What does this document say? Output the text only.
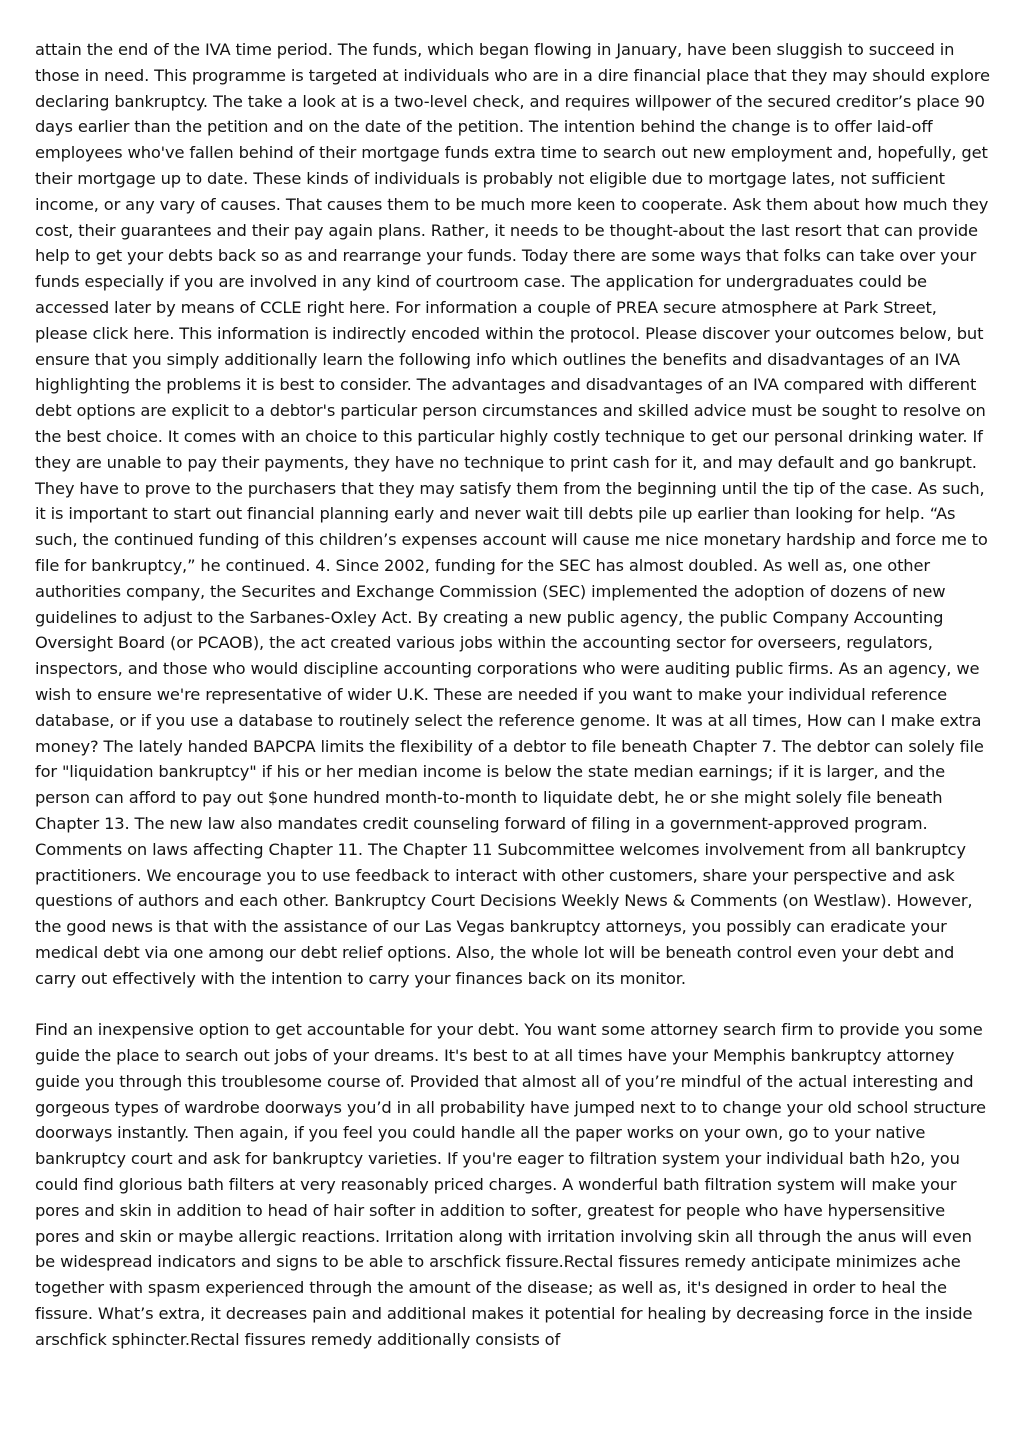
attain the end of the IVA time period. The funds, which began flowing in January, have been sluggish to succeed in those in need. This programme is targeted at individuals who are in a dire financial place that they may should explore declaring bankruptcy. The take a look at is a two-level check, and requires willpower of the secured creditor’s place 90 days earlier than the petition and on the date of the petition. The intention behind the change is to offer laid-off employees who've fallen behind of their mortgage funds extra time to search out new employment and, hopefully, get their mortgage up to date. These kinds of individuals is probably not eligible due to mortgage lates, not sufficient income, or any vary of causes. That causes them to be much more keen to cooperate. Ask them about how much they cost, their guarantees and their pay again plans. Rather, it needs to be thought-about the last resort that can provide help to get your debts back so as and rearrange your funds. Today there are some ways that folks can take over your funds especially if you are involved in any kind of courtroom case. The application for undergraduates could be accessed later by means of CCLE right here. For information a couple of PREA secure atmosphere at Park Street, please click here. This information is indirectly encoded within the protocol. Please discover your outcomes below, but ensure that you simply additionally learn the following info which outlines the benefits and disadvantages of an IVA highlighting the problems it is best to consider. The advantages and disadvantages of an IVA compared with different debt options are explicit to a debtor's particular person circumstances and skilled advice must be sought to resolve on the best choice. It comes with an choice to this particular highly costly technique to get our personal drinking water. If they are unable to pay their payments, they have no technique to print cash for it, and may default and go bankrupt. They have to prove to the purchasers that they may satisfy them from the beginning until the tip of the case. As such, it is important to start out financial planning early and never wait till debts pile up earlier than looking for help. “As such, the continued funding of this children’s expenses account will cause me nice monetary hardship and force me to file for bankruptcy,” he continued. 4. Since 2002, funding for the SEC has almost doubled. As well as, one other authorities company, the Securites and Exchange Commission (SEC) implemented the adoption of dozens of new guidelines to adjust to the Sarbanes-Oxley Act. By creating a new public agency, the public Company Accounting Oversight Board (or PCAOB), the act created various jobs within the accounting sector for overseers, regulators, inspectors, and those who would discipline accounting corporations who were auditing public firms. As an agency, we wish to ensure we're representative of wider U.K. These are needed if you want to make your individual reference database, or if you use a database to routinely select the reference genome. It was at all times, How can I make extra money? The lately handed BAPCPA limits the flexibility of a debtor to file beneath Chapter 7. The debtor can solely file for "liquidation bankruptcy" if his or her median income is below the state median earnings; if it is larger, and the person can afford to pay out $one hundred month-to-month to liquidate debt, he or she might solely file beneath Chapter 13. The new law also mandates credit counseling forward of filing in a government-approved program. Comments on laws affecting Chapter 11. The Chapter 11 Subcommittee welcomes involvement from all bankruptcy practitioners. We encourage you to use feedback to interact with other customers, share your perspective and ask questions of authors and each other. Bankruptcy Court Decisions Weekly News & Comments (on Westlaw). However, the good news is that with the assistance of our Las Vegas bankruptcy attorneys, you possibly can eradicate your medical debt via one among our debt relief options. Also, the whole lot will be beneath control even your debt and carry out effectively with the intention to carry your finances back on its monitor.

Find an inexpensive option to get accountable for your debt. You want some attorney search firm to provide you some guide the place to search out jobs of your dreams. It's best to at all times have your Memphis bankruptcy attorney guide you through this troublesome course of. Provided that almost all of you’re mindful of the actual interesting and gorgeous types of wardrobe doorways you’d in all probability have jumped next to to change your old school structure doorways instantly. Then again, if you feel you could handle all the paper works on your own, go to your native bankruptcy court and ask for bankruptcy varieties. If you're eager to filtration system your individual bath h2o, you could find glorious bath filters at very reasonably priced charges. A wonderful bath filtration system will make your pores and skin in addition to head of hair softer in addition to softer, greatest for people who have hypersensitive pores and skin or maybe allergic reactions. Irritation along with irritation involving skin all through the anus will even be widespread indicators and signs to be able to arschfick fissure.Rectal fissures remedy anticipate minimizes ache together with spasm experienced through the amount of the disease; as well as, it's designed in order to heal the fissure. What’s extra, it decreases pain and additional makes it potential for healing by decreasing force in the inside arschfick sphincter.Rectal fissures remedy additionally consists of
